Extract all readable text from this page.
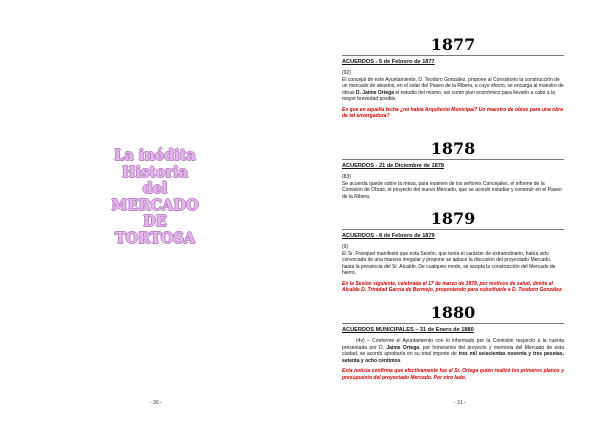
La inédita
Historia
del
MERCADO
DE
TORTOSA
- 30 -
1877
ACUERDOS - 5 de Febrero de 1877
(92)
El concejal de este Ayuntamiento, D. Teodoro González, propone al Consistorio la construcción de un mercado de abastos, en el solar del Paseo de la Ribera, a cuyo efecto, se encarga al maestro de obras D. Jaime Ortega el estudio del mismo, así como plan económico para llevarlo a cabo a la mayor brevedad posible.
Es que en aquella fecha ¿no había Arquitecto Municipal? Un maestro de obras para una obra de tal envergadura?
1878
ACUERDOS - 21 de Diciembre de 1878
(83)
Se acuerda quede sobre la mesa, para examen de los señores Concejales, el informe de la Comisión de Obras, el proyecto del nuevo Mercado, que se acordó estudiar y construir en el Paseo de la Ribera.
1879
ACUERDOS - 8 de Febrero de 1879
(9)
El Sr. Franquet manifestó que esta Sesión, que tenía el carácter de extraordinario, había sido convocada de una manera irregular y propone se aplace la discusión del proyectado Mercado, hasta la presencia del Sr. Alcalde. De cualquier modo, se acepta la construcción del Mercado de hierro.
En la Sesión siguiente, celebrada el 17 de marzo de 1879, por motivos de salud, dimite el Alcalde D. Trinidad García de Bermejo, proponiendo para substituirle a D. Teodoro González.
1880
ACUERDOS MUNICIPALES – 31 de Enero de 1880
(4v) – Conforme el Ayuntamiento con lo informado por la Comisión respecto a la cuenta presentada por D. Jaime Ortega, por honorarios del proyecto y memoria del Mercado de esta ciudad, se acordó aprobarla en su total importe de tres mil seiscientas noventa y tres pesetas, setenta y ocho céntimos.
Esta noticia confirma que efectivamente fue el Sr. Ortega quien realizó los primeros planos y presupuesto del proyectado Mercado. Por otro lado,
- 31 -
